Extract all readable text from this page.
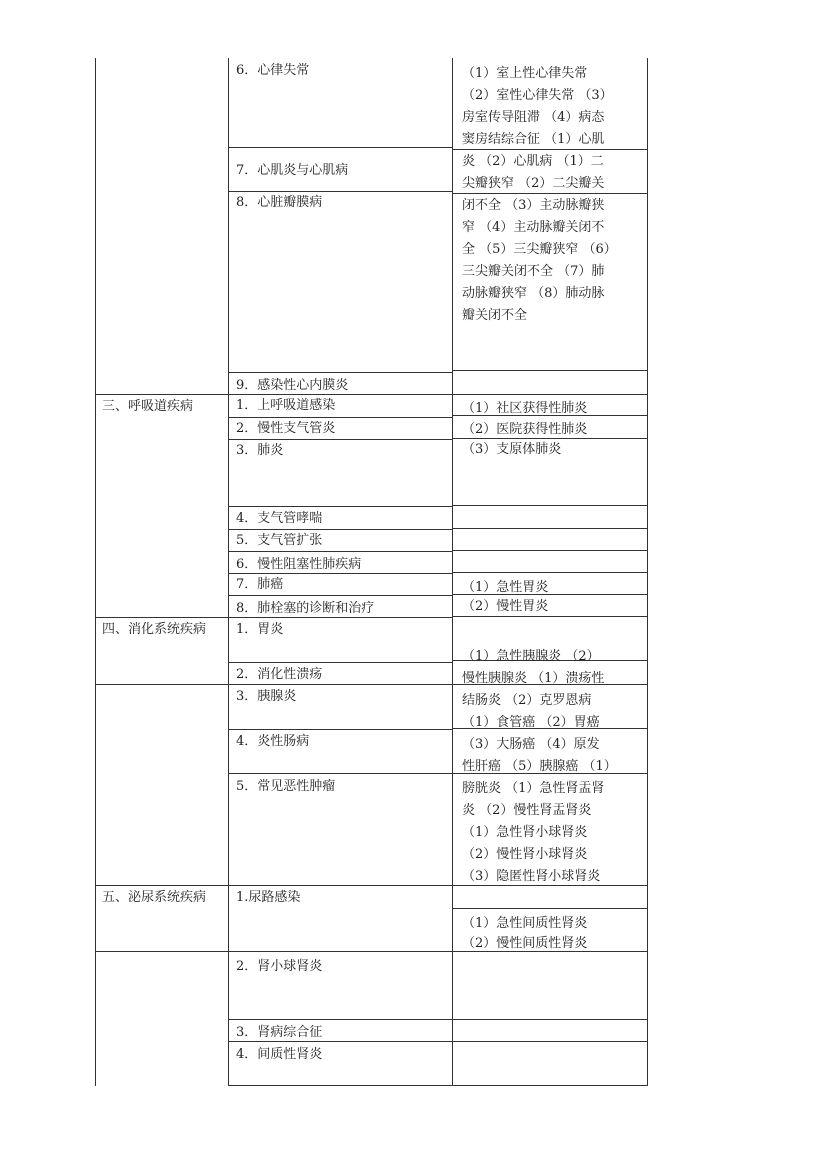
三、呼吸道疾病
四、消化系统疾病
五、泌尿系统疾病
6．心律失常
7．心肌炎与心肌病
8．心脏瓣膜病
9．感染性心内膜炎
1．上呼吸道感染
2．慢性支气管炎
3．肺炎
4．支气管哮喘
5．支气管扩张
6．慢性阻塞性肺疾病
7．肺癌
8．肺栓塞的诊断和治疗
1．胃炎
2．消化性溃疡
3．胰腺炎
4．炎性肠病
5．常见恶性肿瘤
1.尿路感染
2．肾小球肾炎
3．肾病综合征
4．间质性肾炎
（1）室上性心律失常
（2）室性心律失常 （3）
房室传导阻滞 （4）病态
窦房结综合征 （1）心肌
炎 （2）心肌病 （1）二
尖瓣狭窄 （2）二尖瓣关
闭不全 （3）主动脉瓣狭
窄 （4）主动脉瓣关闭不
全 （5）三尖瓣狭窄 （6）
三尖瓣关闭不全 （7）肺
动脉瓣狭窄 （8）肺动脉
瓣关闭不全
（1）社区获得性肺炎
（2）医院获得性肺炎
（3）支原体肺炎
（1）急性胃炎
（2）慢性胃炎
（1）急性胰腺炎 （2）
慢性胰腺炎 （1）溃疡性
结肠炎 （2）克罗恩病
（1）食管癌 （2）胃癌
（3）大肠癌 （4）原发
性肝癌 （5）胰腺癌 （1）
膀胱炎 （1）急性肾盂肾
炎 （2）慢性肾盂肾炎
（1）急性肾小球肾炎
（2）慢性肾小球肾炎
（3）隐匿性肾小球肾炎
（1）急性间质性肾炎
（2）慢性间质性肾炎
